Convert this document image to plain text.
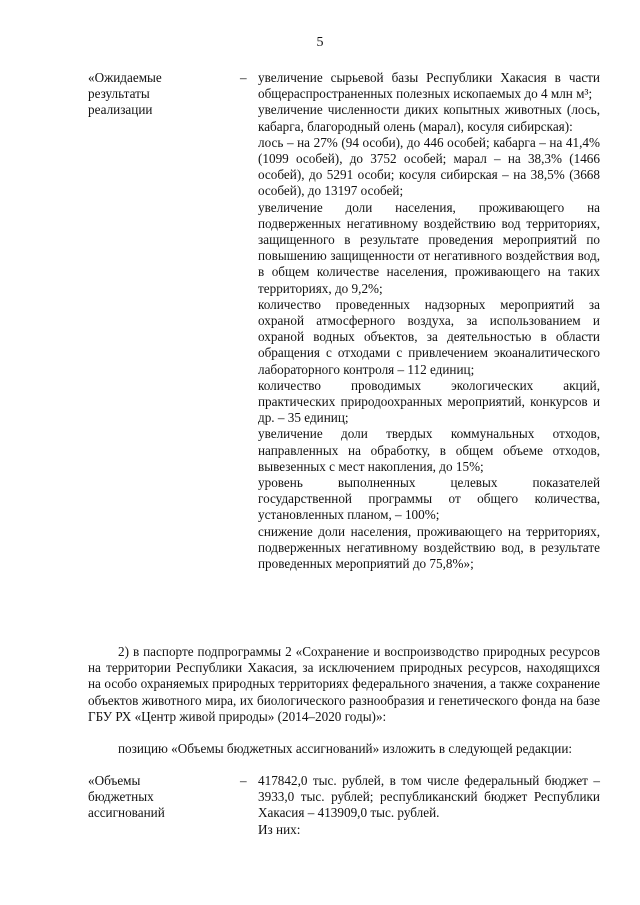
5
«Ожидаемые
результаты
реализации
– увеличение сырьевой базы Республики Хакасия в части общераспространенных полезных ископаемых до 4 млн м³;

увеличение численности диких копытных животных (лось, кабарга, благородный олень (марал), косуля сибирская):

лось – на 27% (94 особи), до 446 особей; кабарга – на 41,4% (1099 особей), до 3752 особей; марал – на 38,3% (1466 особей), до 5291 особи; косуля сибирская – на 38,5% (3668 особей), до 13197 особей;

увеличение доли населения, проживающего на подверженных негативному воздействию вод территориях, защищенного в результате проведения мероприятий по повышению защищенности от негативного воздействия вод, в общем количестве населения, проживающего на таких территориях, до 9,2%;

количество проведенных надзорных мероприятий за охраной атмосферного воздуха, за использованием и охраной водных объектов, за деятельностью в области обращения с отходами с привлечением экоаналитического лабораторного контроля – 112 единиц;

количество проводимых экологических акций, практических природоохранных мероприятий, конкурсов и др. – 35 единиц;

увеличение доли твердых коммунальных отходов, направленных на обработку, в общем объеме отходов, вывезенных с мест накопления, до 15%;

уровень выполненных целевых показателей государственной программы от общего количества, установленных планом, – 100%;

снижение доли населения, проживающего на территориях, подверженных негативному воздействию вод, в результате проведенных мероприятий до 75,8%»;

2) в паспорте подпрограммы 2 «Сохранение и воспроизводство природных ресурсов на территории Республики Хакасия, за исключением природных ресурсов, находящихся на особо охраняемых природных территориях федерального значения, а также сохранение объектов животного мира, их биологического разнообразия и генетического фонда на базе ГБУ РХ «Центр живой природы» (2014–2020 годы)»:

позицию «Объемы бюджетных ассигнований» изложить в следующей редакции:

«Объемы
бюджетных
ассигнований
– 417842,0 тыс. рублей, в том числе федеральный бюджет – 3933,0 тыс. рублей; республиканский бюджет Республики Хакасия – 413909,0 тыс. рублей.

Из них:
